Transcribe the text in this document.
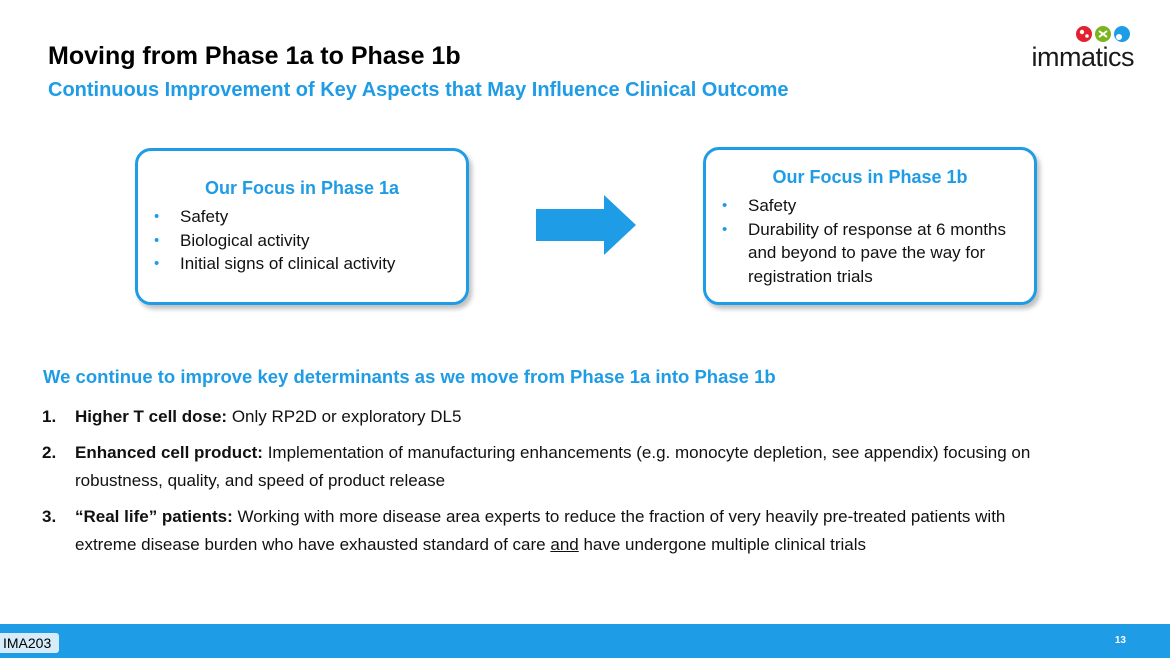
Moving from Phase 1a to Phase 1b
Continuous Improvement of Key Aspects that May Influence Clinical Outcome
immatics

Our Focus in Phase 1a

• Safety
• Biological activity
• Initial signs of clinical activity

Our Focus in Phase 1b

• Safety
• Durability of response at 6 months and beyond to pave the way for registration trials
We continue to improve key determinants as we move from Phase 1a into Phase 1b
1. Higher T cell dose: Only RP2D or exploratory DL5
2. Enhanced cell product: Implementation of manufacturing enhancements (e.g. monocyte depletion, see appendix) focusing on robustness, quality, and speed of product release
3. “Real life” patients: Working with more disease area experts to reduce the fraction of very heavily pre-treated patients with extreme disease burden who have exhausted standard of care and have undergone multiple clinical trials
IMA203	13
